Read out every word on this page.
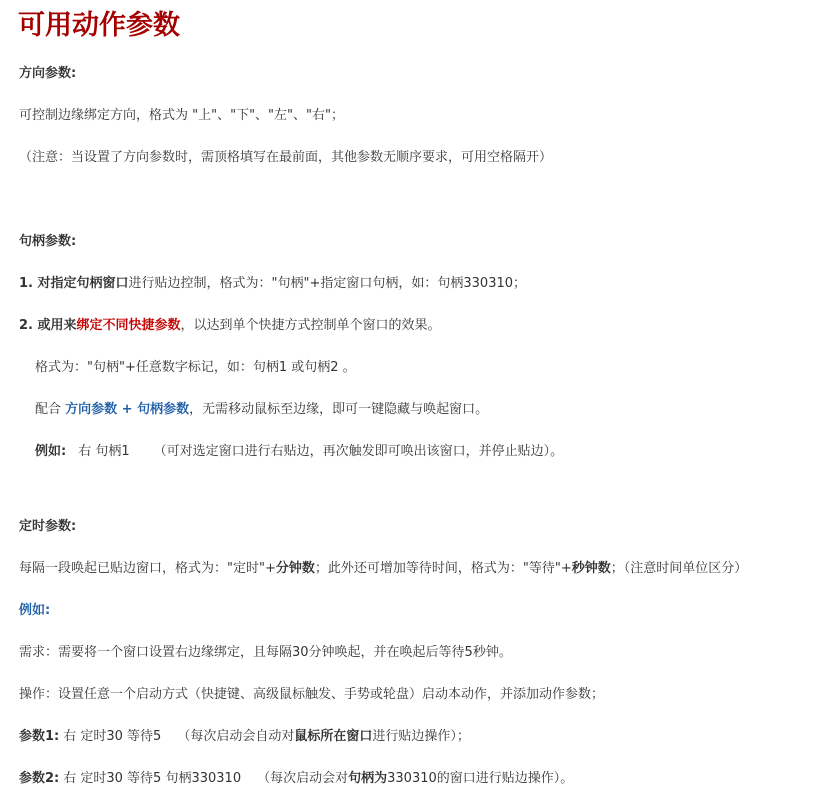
可用动作参数
方向参数:
可控制边缘绑定方向，格式为 "上"、"下"、"左"、"右"；
（注意：当设置了方向参数时，需顶格填写在最前面，其他参数无顺序要求，可用空格隔开）
句柄参数:
1. 对指定句柄窗口进行贴边控制，格式为："句柄"+指定窗口句柄，如：句柄330310；
2. 或用来绑定不同快捷参数，以达到单个快捷方式控制单个窗口的效果。
格式为："句柄"+任意数字标记，如：句柄1 或句柄2 。
配合 方向参数 + 句柄参数，无需移动鼠标至边缘，即可一键隐藏与唤起窗口。
例如: 右 句柄1 （可对选定窗口进行右贴边，再次触发即可唤出该窗口，并停止贴边）。
定时参数:
每隔一段唤起已贴边窗口，格式为："定时"+分钟数；此外还可增加等待时间，格式为："等待"+秒钟数；（注意时间单位区分）
例如:
需求：需要将一个窗口设置右边缘绑定，且每隔30分钟唤起，并在唤起后等待5秒钟。
操作：设置任意一个启动方式（快捷键、高级鼠标触发、手势或轮盘）启动本动作，并添加动作参数；
参数1: 右 定时30 等待5 （每次启动会自动对鼠标所在窗口进行贴边操作）；
参数2: 右 定时30 等待5 句柄330310 （每次启动会对句柄为330310的窗口进行贴边操作）。
